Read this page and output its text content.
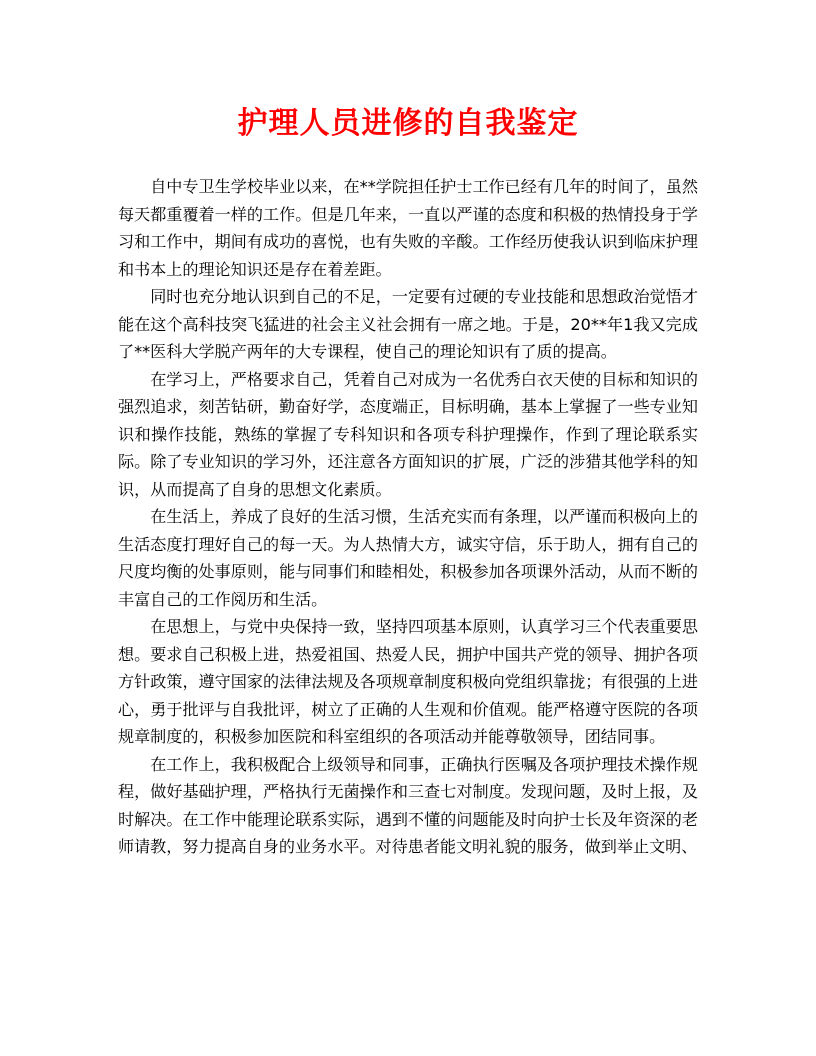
护理人员进修的自我鉴定

自中专卫生学校毕业以来，在**学院担任护士工作已经有几年的时间了，虽然每天都重覆着一样的工作。但是几年来，一直以严谨的态度和积极的热情投身于学习和工作中，期间有成功的喜悦，也有失败的辛酸。工作经历使我认识到临床护理和书本上的理论知识还是存在着差距。

同时也充分地认识到自己的不足，一定要有过硬的专业技能和思想政治觉悟才能在这个高科技突飞猛进的社会主义社会拥有一席之地。于是，20**年1我又完成了**医科大学脱产两年的大专课程，使自己的理论知识有了质的提高。

在学习上，严格要求自己，凭着自己对成为一名优秀白衣天使的目标和知识的强烈追求，刻苦钻研，勤奋好学，态度端正，目标明确，基本上掌握了一些专业知识和操作技能，熟练的掌握了专科知识和各项专科护理操作，作到了理论联系实际。除了专业知识的学习外，还注意各方面知识的扩展，广泛的涉猎其他学科的知识，从而提高了自身的思想文化素质。

在生活上，养成了良好的生活习惯，生活充实而有条理，以严谨而积极向上的生活态度打理好自己的每一天。为人热情大方，诚实守信，乐于助人，拥有自己的尺度均衡的处事原则，能与同事们和睦相处，积极参加各项课外活动，从而不断的丰富自己的工作阅历和生活。

在思想上，与党中央保持一致，坚持四项基本原则，认真学习三个代表重要思想。要求自己积极上进，热爱祖国、热爱人民，拥护中国共产党的领导、拥护各项方针政策，遵守国家的法律法规及各项规章制度积极向党组织靠拢；有很强的上进心，勇于批评与自我批评，树立了正确的人生观和价值观。能严格遵守医院的各项规章制度的，积极参加医院和科室组织的各项活动并能尊敬领导，团结同事。

在工作上，我积极配合上级领导和同事，正确执行医嘱及各项护理技术操作规程，做好基础护理，严格执行无菌操作和三查七对制度。发现问题，及时上报，及时解决。在工作中能理论联系实际，遇到不懂的问题能及时向护士长及年资深的老师请教，努力提高自身的业务水平。对待患者能文明礼貌的服务，做到举止文明、
